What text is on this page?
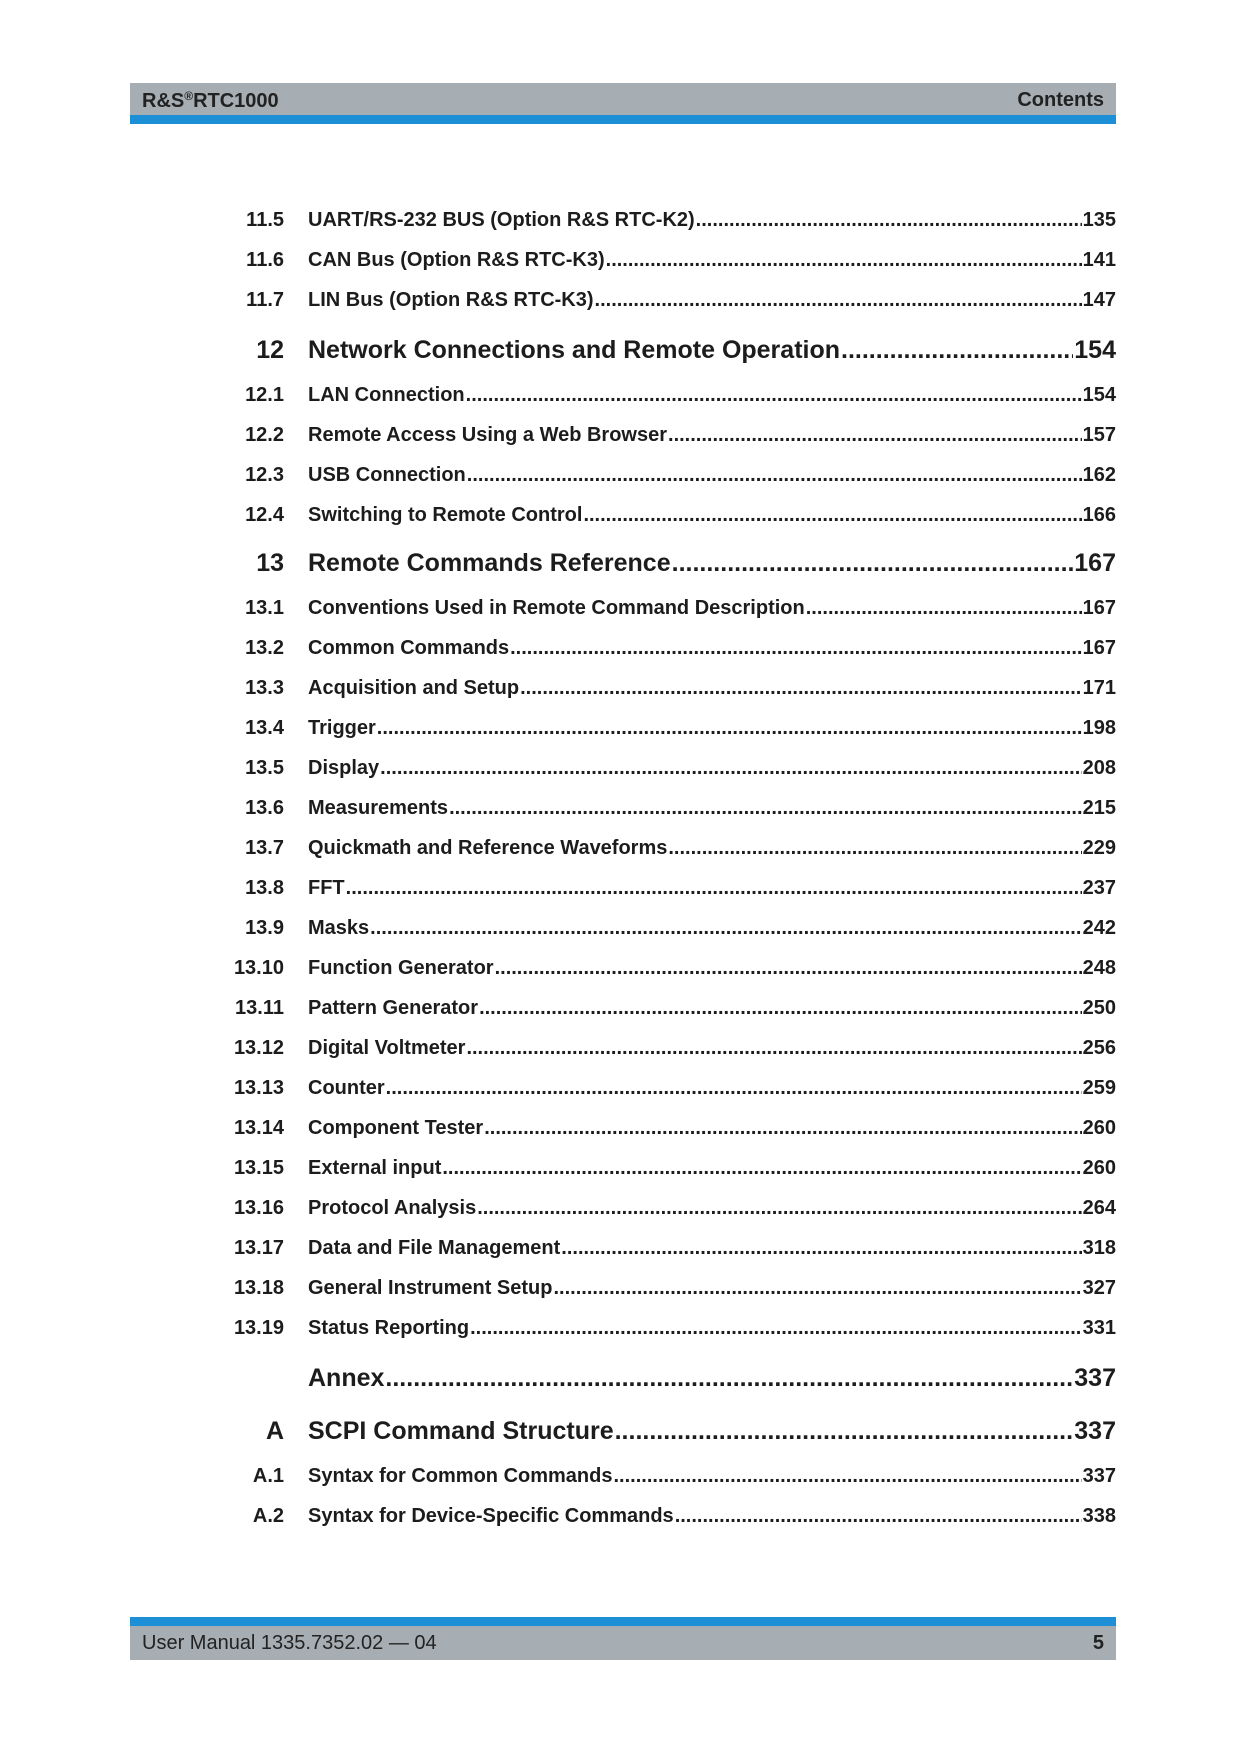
R&S®RTC1000	Contents
11.5 UART/RS-232 BUS (Option R&S RTC-K2) .....	135
11.6 CAN Bus (Option R&S RTC-K3) .....	141
11.7 LIN Bus (Option R&S RTC-K3) .....	147
12 Network Connections and Remote Operation .....	154
12.1 LAN Connection .....	154
12.2 Remote Access Using a Web Browser .....	157
12.3 USB Connection .....	162
12.4 Switching to Remote Control .....	166
13 Remote Commands Reference .....	167
13.1 Conventions Used in Remote Command Description .....	167
13.2 Common Commands .....	167
13.3 Acquisition and Setup .....	171
13.4 Trigger .....	198
13.5 Display .....	208
13.6 Measurements .....	215
13.7 Quickmath and Reference Waveforms .....	229
13.8 FFT .....	237
13.9 Masks .....	242
13.10 Function Generator .....	248
13.11 Pattern Generator .....	250
13.12 Digital Voltmeter .....	256
13.13 Counter .....	259
13.14 Component Tester .....	260
13.15 External input .....	260
13.16 Protocol Analysis .....	264
13.17 Data and File Management .....	318
13.18 General Instrument Setup .....	327
13.19 Status Reporting .....	331
Annex .....	337
A SCPI Command Structure .....	337
A.1 Syntax for Common Commands .....	337
A.2 Syntax for Device-Specific Commands .....	338
User Manual 1335.7352.02 ― 04	5
